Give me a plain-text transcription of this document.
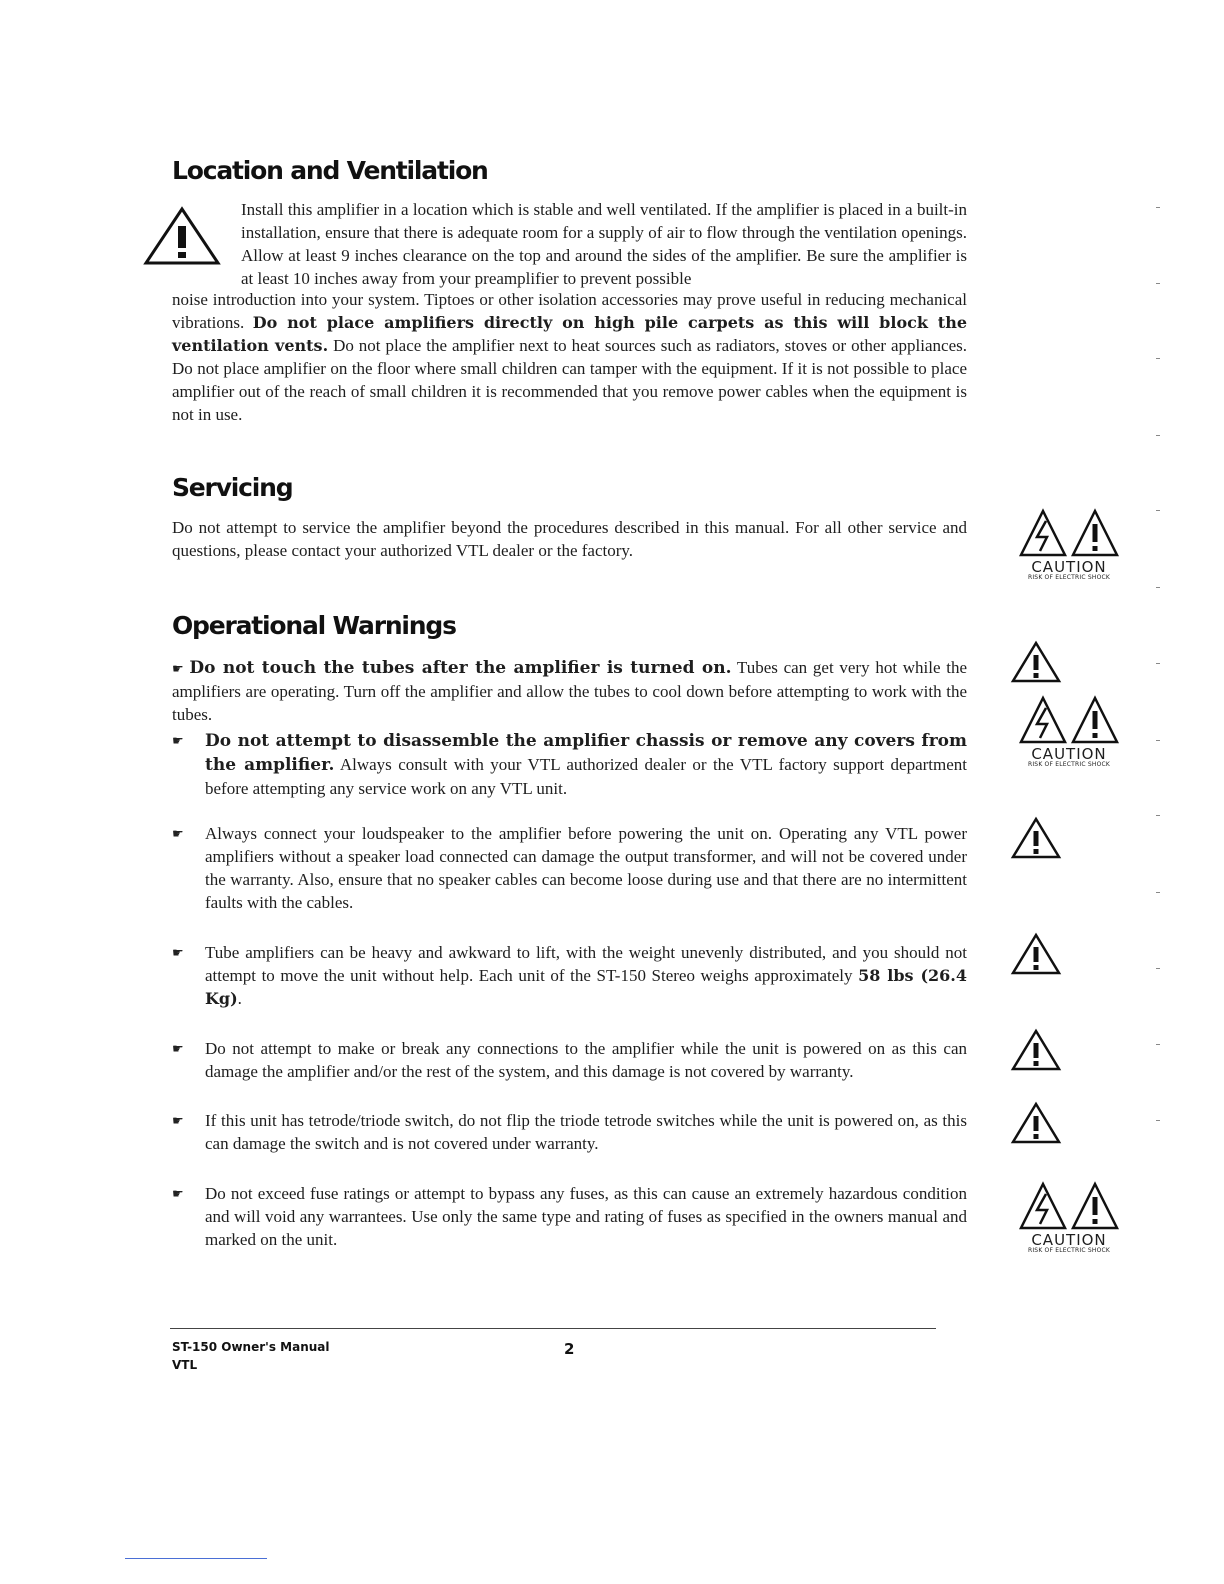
Location and Ventilation

Install this amplifier in a location which is stable and well ventilated. If the amplifier is placed in a built-in installation, ensure that there is adequate room for a supply of air to flow through the ventilation openings. Allow at least 9 inches clearance on the top and around the sides of the amplifier. Be sure the amplifier is at least 10 inches away from your preamplifier to prevent possible

noise introduction into your system. Tiptoes or other isolation accessories may prove useful in reducing mechanical vibrations. Do not place amplifiers directly on high pile carpets as this will block the ventilation vents. Do not place the amplifier next to heat sources such as radiators, stoves or other appliances. Do not place amplifier on the floor where small children can tamper with the equipment. If it is not possible to place amplifier out of the reach of small children it is recommended that you remove power cables when the equipment is not in use.

Servicing

Do not attempt to service the amplifier beyond the procedures described in this manual. For all other service and questions, please contact your authorized VTL dealer or the factory.

CAUTION
RISK OF ELECTRIC SHOCK
Operational Warnings

☛ Do not touch the tubes after the amplifier is turned on. Tubes can get very hot while the amplifiers are operating. Turn off the amplifier and allow the tubes to cool down before attempting to work with the tubes.

☛ Do not attempt to disassemble the amplifier chassis or remove any covers from the amplifier. Always consult with your VTL authorized dealer or the VTL factory support department before attempting any service work on any VTL unit.

CAUTION
RISK OF ELECTRIC SHOCK
☛ Always connect your loudspeaker to the amplifier before powering the unit on. Operating any VTL power amplifiers without a speaker load connected can damage the output transformer, and will not be covered under the warranty. Also, ensure that no speaker cables can become loose during use and that there are no intermittent faults with the cables.

☛ Tube amplifiers can be heavy and awkward to lift, with the weight unevenly distributed, and you should not attempt to move the unit without help. Each unit of the ST-150 Stereo weighs approximately 58 lbs (26.4 Kg).

☛ Do not attempt to make or break any connections to the amplifier while the unit is powered on as this can damage the amplifier and/or the rest of the system, and this damage is not covered by warranty.

☛ If this unit has tetrode/triode switch, do not flip the triode tetrode switches while the unit is powered on, as this can damage the switch and is not covered under warranty.

☛ Do not exceed fuse ratings or attempt to bypass any fuses, as this can cause an extremely hazardous condition and will void any warrantees. Use only the same type and rating of fuses as specified in the owners manual and marked on the unit.	CAUTION
RISK OF ELECTRIC SHOCK
ST-150 Owner's Manual
VTL
2
